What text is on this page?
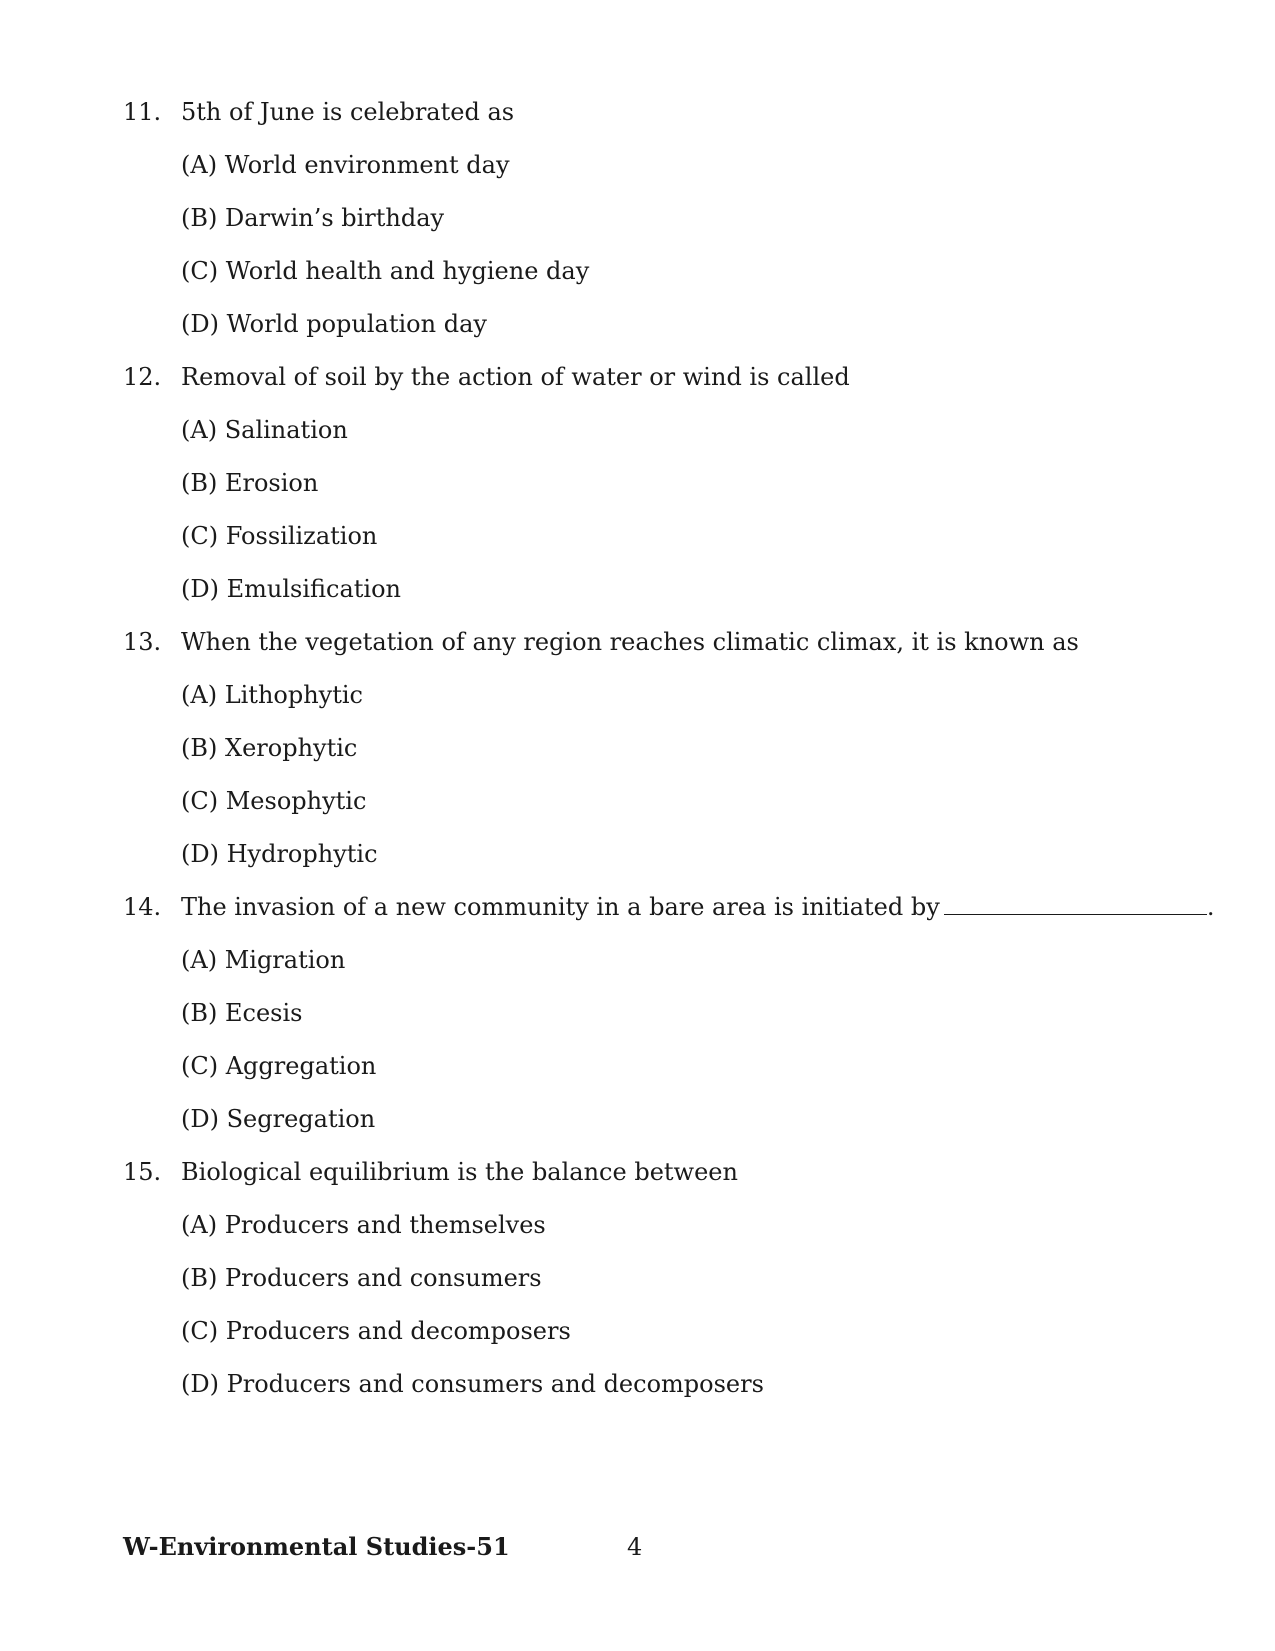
11. 5th of June is celebrated as
(A) World environment day
(B) Darwin’s birthday
(C) World health and hygiene day
(D) World population day
12. Removal of soil by the action of water or wind is called
(A) Salination
(B) Erosion
(C) Fossilization
(D) Emulsification
13. When the vegetation of any region reaches climatic climax, it is known as
(A) Lithophytic
(B) Xerophytic
(C) Mesophytic
(D) Hydrophytic
14. The invasion of a new community in a bare area is initiated by	.
(A) Migration
(B) Ecesis
(C) Aggregation
(D) Segregation
15. Biological equilibrium is the balance between
(A) Producers and themselves
(B) Producers and consumers
(C) Producers and decomposers
(D) Producers and consumers and decomposers
W-Environmental Studies-51	4
